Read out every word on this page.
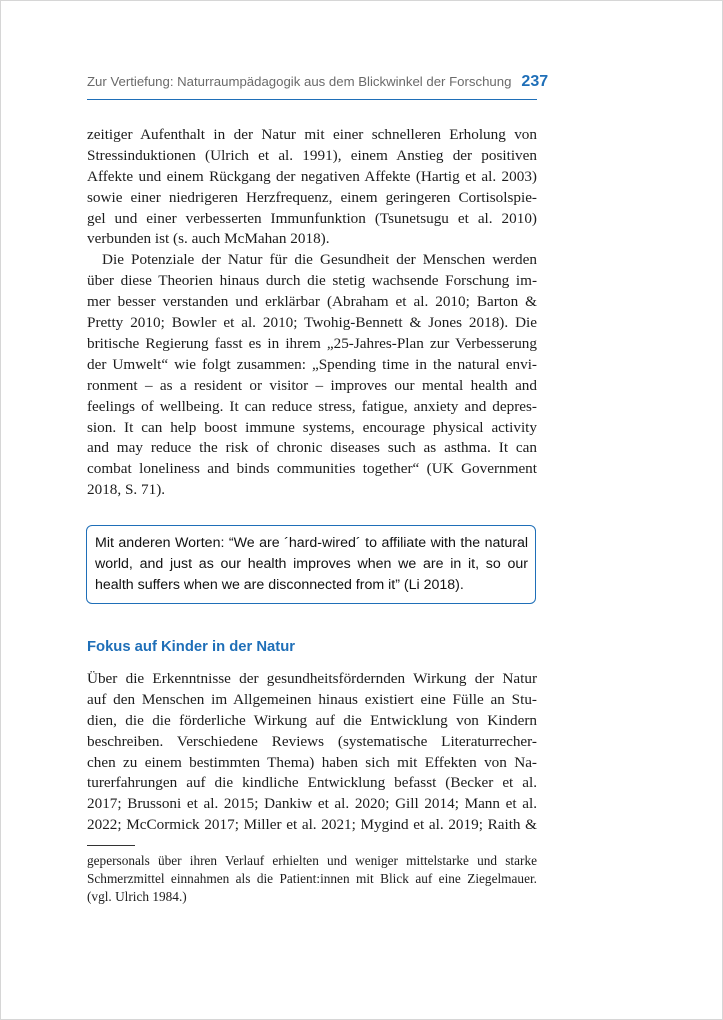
Zur Vertiefung: Naturraumpädagogik aus dem Blickwinkel der Forschung 237
zeitiger Aufenthalt in der Natur mit einer schnelleren Erholung von
Stressinduktionen (Ulrich et al. 1991), einem Anstieg der positiven
Affekte und einem Rückgang der negativen Affekte (Hartig et al. 2003)
sowie einer niedrigeren Herzfrequenz, einem geringeren Cortisolspie-
gel und einer verbesserten Immunfunktion (Tsunetsugu et al. 2010)
verbunden ist (s. auch McMahan 2018).
Die Potenziale der Natur für die Gesundheit der Menschen werden
über diese Theorien hinaus durch die stetig wachsende Forschung im-
mer besser verstanden und erklärbar (Abraham et al. 2010; Barton &
Pretty 2010; Bowler et al. 2010; Twohig-Bennett & Jones 2018). Die
britische Regierung fasst es in ihrem „25-Jahres-Plan zur Verbesserung
der Umwelt“ wie folgt zusammen: „Spending time in the natural envi-
ronment – as a resident or visitor – improves our mental health and
feelings of wellbeing. It can reduce stress, fatigue, anxiety and depres-
sion. It can help boost immune systems, encourage physical activity
and may reduce the risk of chronic diseases such as asthma. It can
combat loneliness and binds communities together“ (UK Government
2018, S. 71).
Mit anderen Worten: “We are ´hard-wired´ to affiliate with the natural
world, and just as our health improves when we are in it, so our
health suffers when we are disconnected from it” (Li 2018).
Fokus auf Kinder in der Natur
Über die Erkenntnisse der gesundheitsfördernden Wirkung der Natur
auf den Menschen im Allgemeinen hinaus existiert eine Fülle an Stu-
dien, die die förderliche Wirkung auf die Entwicklung von Kindern
beschreiben. Verschiedene Reviews (systematische Literaturrecher-
chen zu einem bestimmten Thema) haben sich mit Effekten von Na-
turerfahrungen auf die kindliche Entwicklung befasst (Becker et al.
2017; Brussoni et al. 2015; Dankiw et al. 2020; Gill 2014; Mann et al.
2022; McCormick 2017; Miller et al. 2021; Mygind et al. 2019; Raith &
gepersonals über ihren Verlauf erhielten und weniger mittelstarke und starke
Schmerzmittel einnahmen als die Patient:innen mit Blick auf eine Ziegelmauer.
(vgl. Ulrich 1984.)
